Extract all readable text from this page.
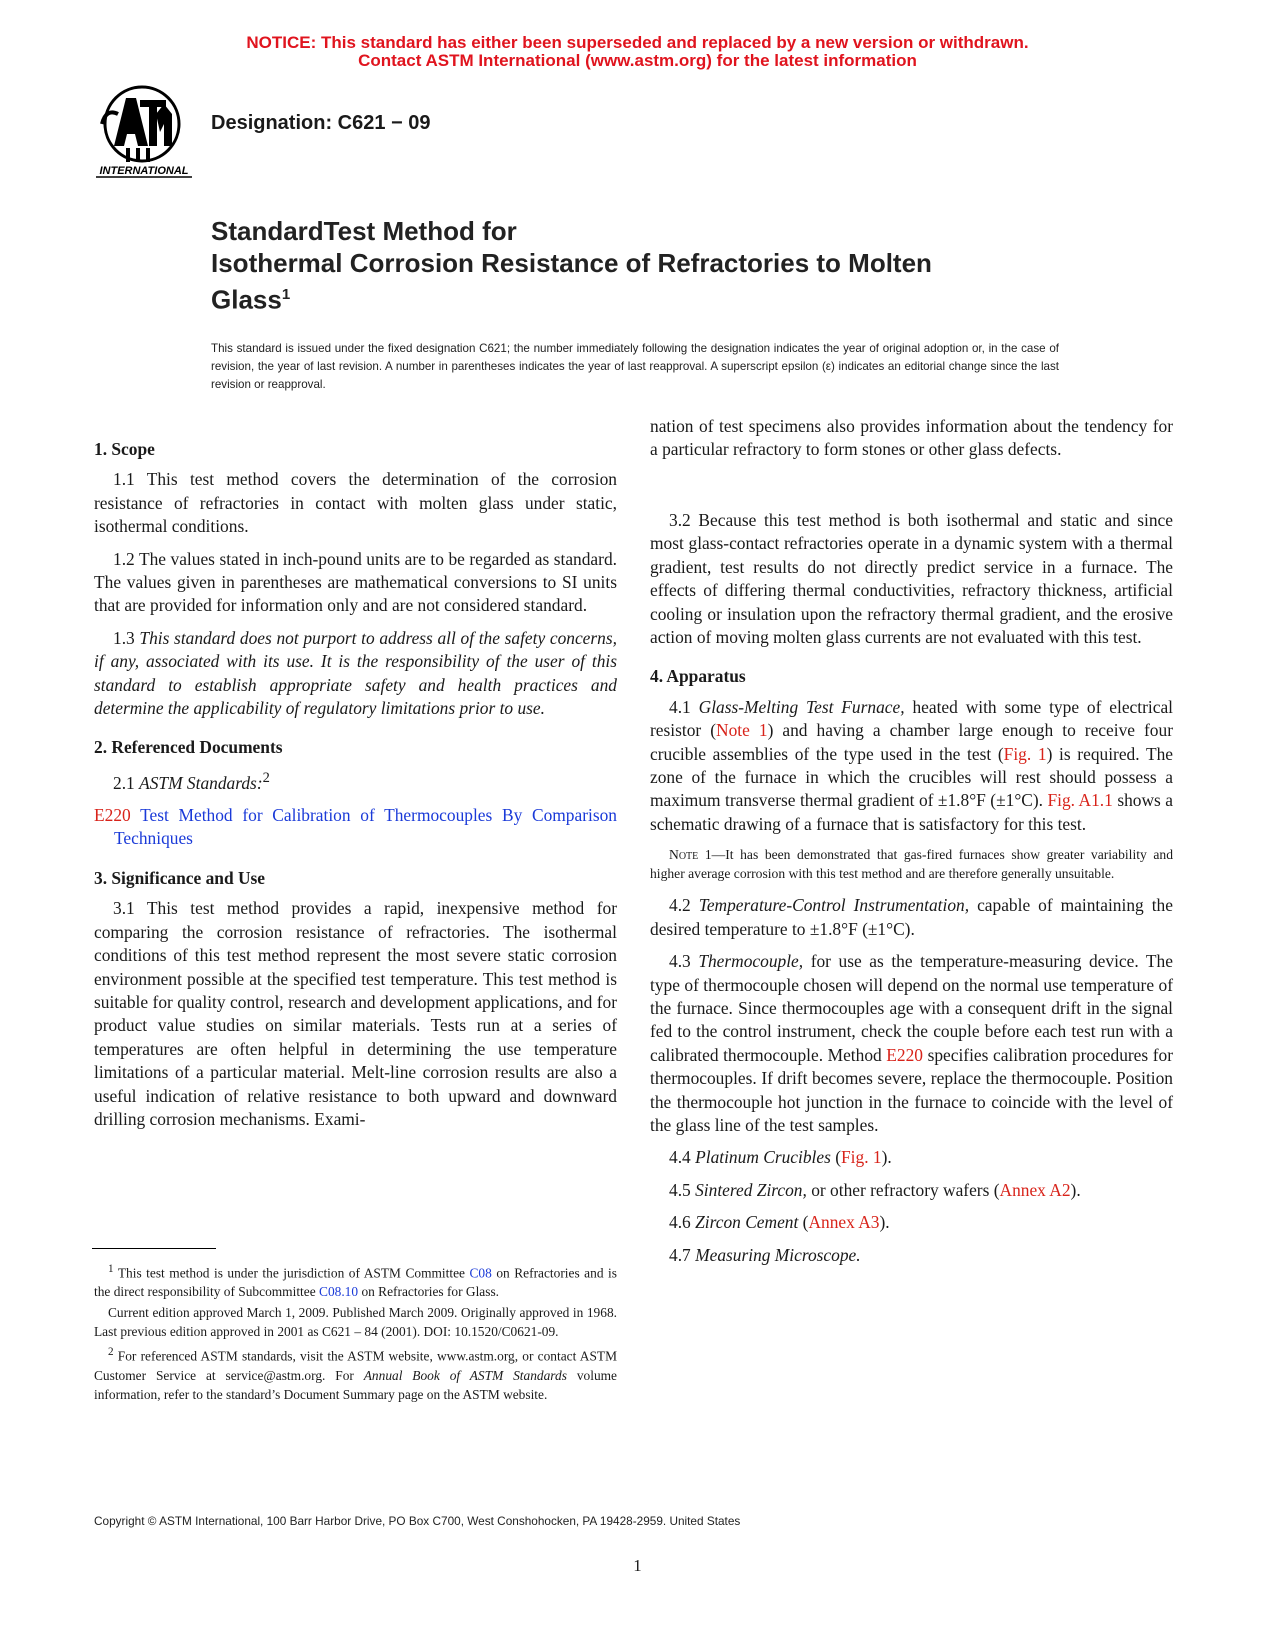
NOTICE: This standard has either been superseded and replaced by a new version or withdrawn.
Contact ASTM International (www.astm.org) for the latest information
INTERNATIONAL
Designation: C621 − 09
StandardTest Method for
Isothermal Corrosion Resistance of Refractories to Molten
Glass$^1$
This standard is issued under the fixed designation C621; the number immediately following the designation indicates the year of original adoption or, in the case of revision, the year of last revision. A number in parentheses indicates the year of last reapproval. A superscript epsilon (ε) indicates an editorial change since the last revision or reapproval.
1. Scope

1.1 This test method covers the determination of the corrosion resistance of refractories in contact with molten glass under static, isothermal conditions.

1.2 The values stated in inch-pound units are to be regarded as standard. The values given in parentheses are mathematical conversions to SI units that are provided for information only and are not considered standard.

1.3 This standard does not purport to address all of the safety concerns, if any, associated with its use. It is the responsibility of the user of this standard to establish appropriate safety and health practices and determine the applicability of regulatory limitations prior to use.

2. Referenced Documents

2.1 ASTM Standards:$^2$

E220 Test Method for Calibration of Thermocouples By Comparison Techniques
3. Significance and Use

3.1 This test method provides a rapid, inexpensive method for comparing the corrosion resistance of refractories. The isothermal conditions of this test method represent the most severe static corrosion environment possible at the specified test temperature. This test method is suitable for quality control, research and development applications, and for product value studies on similar materials. Tests run at a series of temperatures are often helpful in determining the use temperature limitations of a particular material. Melt-line corrosion results are also a useful indication of relative resistance to both upward and downward drilling corrosion mechanisms. Exami-

nation of test specimens also provides information about the tendency for a particular refractory to form stones or other glass defects.

3.2 Because this test method is both isothermal and static and since most glass-contact refractories operate in a dynamic system with a thermal gradient, test results do not directly predict service in a furnace. The effects of differing thermal conductivities, refractory thickness, artificial cooling or insulation upon the refractory thermal gradient, and the erosive action of moving molten glass currents are not evaluated with this test.

4. Apparatus

4.1 Glass-Melting Test Furnace, heated with some type of electrical resistor (Note 1) and having a chamber large enough to receive four crucible assemblies of the type used in the test (Fig. 1) is required. The zone of the furnace in which the crucibles will rest should possess a maximum transverse thermal gradient of ±1.8°F (±1°C). Fig. A1.1 shows a schematic drawing of a furnace that is satisfactory for this test.

Note 1—It has been demonstrated that gas-fired furnaces show greater variability and higher average corrosion with this test method and are therefore generally unsuitable.

4.2 Temperature-Control Instrumentation, capable of maintaining the desired temperature to ±1.8°F (±1°C).

4.3 Thermocouple, for use as the temperature-measuring device. The type of thermocouple chosen will depend on the normal use temperature of the furnace. Since thermocouples age with a consequent drift in the signal fed to the control instrument, check the couple before each test run with a calibrated thermocouple. Method E220 specifies calibration procedures for thermocouples. If drift becomes severe, replace the thermocouple. Position the thermocouple hot junction in the furnace to coincide with the level of the glass line of the test samples.

4.4 Platinum Crucibles (Fig. 1).

4.5 Sintered Zircon, or other refractory wafers (Annex A2).

4.6 Zircon Cement (Annex A3).

4.7 Measuring Microscope.

$^1$ This test method is under the jurisdiction of ASTM Committee C08 on Refractories and is the direct responsibility of Subcommittee C08.10 on Refractories for Glass.

Current edition approved March 1, 2009. Published March 2009. Originally approved in 1968. Last previous edition approved in 2001 as C621 – 84 (2001). DOI: 10.1520/C0621-09.

$^2$ For referenced ASTM standards, visit the ASTM website, www.astm.org, or contact ASTM Customer Service at service@astm.org. For Annual Book of ASTM Standards volume information, refer to the standard’s Document Summary page on the ASTM website.

Copyright © ASTM International, 100 Barr Harbor Drive, PO Box C700, West Conshohocken, PA 19428-2959. United States
1
